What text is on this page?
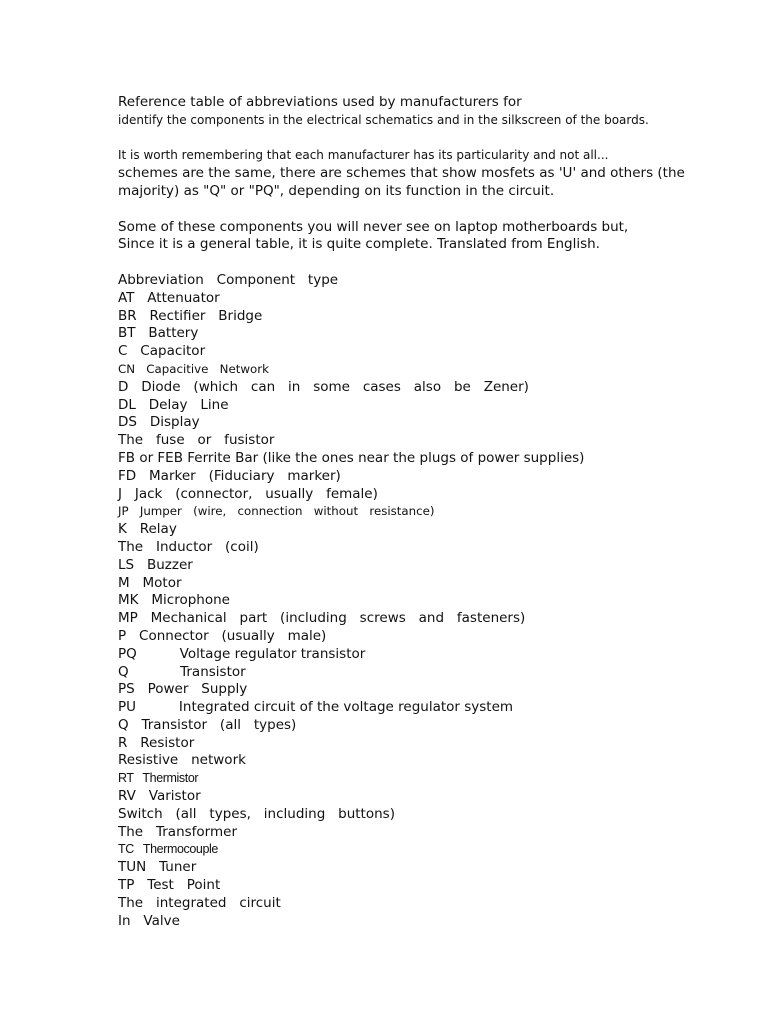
Reference table of abbreviations used by manufacturers for
identify the components in the electrical schematics and in the silkscreen of the boards.
It is worth remembering that each manufacturer has its particularity and not all...
schemes are the same, there are schemes that show mosfets as 'U' and others (the
majority) as "Q" or "PQ", depending on its function in the circuit.
Some of these components you will never see on laptop motherboards but,
Since it is a general table, it is quite complete. Translated from English.
Abbreviation   Component   type
AT   Attenuator
BR   Rectifier   Bridge
BT   Battery
C   Capacitor
CN   Capacitive   Network
D   Diode   (which   can   in   some   cases   also   be   Zener)
DL   Delay   Line
DS   Display
The   fuse   or   fusistor
FB or FEB Ferrite Bar (like the ones near the plugs of power supplies)
FD   Marker   (Fiduciary   marker)
J   Jack   (connector,   usually   female)
JP   Jumper   (wire,   connection   without   resistance)
K   Relay
The   Inductor   (coil)
LS   Buzzer
M   Motor
MK   Microphone
MP   Mechanical   part   (including   screws   and   fasteners)
P   Connector   (usually   male)
PQ          Voltage regulator transistor
Q            Transistor
PS   Power   Supply
PU          Integrated circuit of the voltage regulator system
Q   Transistor   (all   types)
R   Resistor
Resistive   network
RT   Thermistor
RV   Varistor
Switch   (all   types,   including   buttons)
The   Transformer
TC   Thermocouple
TUN   Tuner
TP   Test   Point
The   integrated   circuit
In   Valve
